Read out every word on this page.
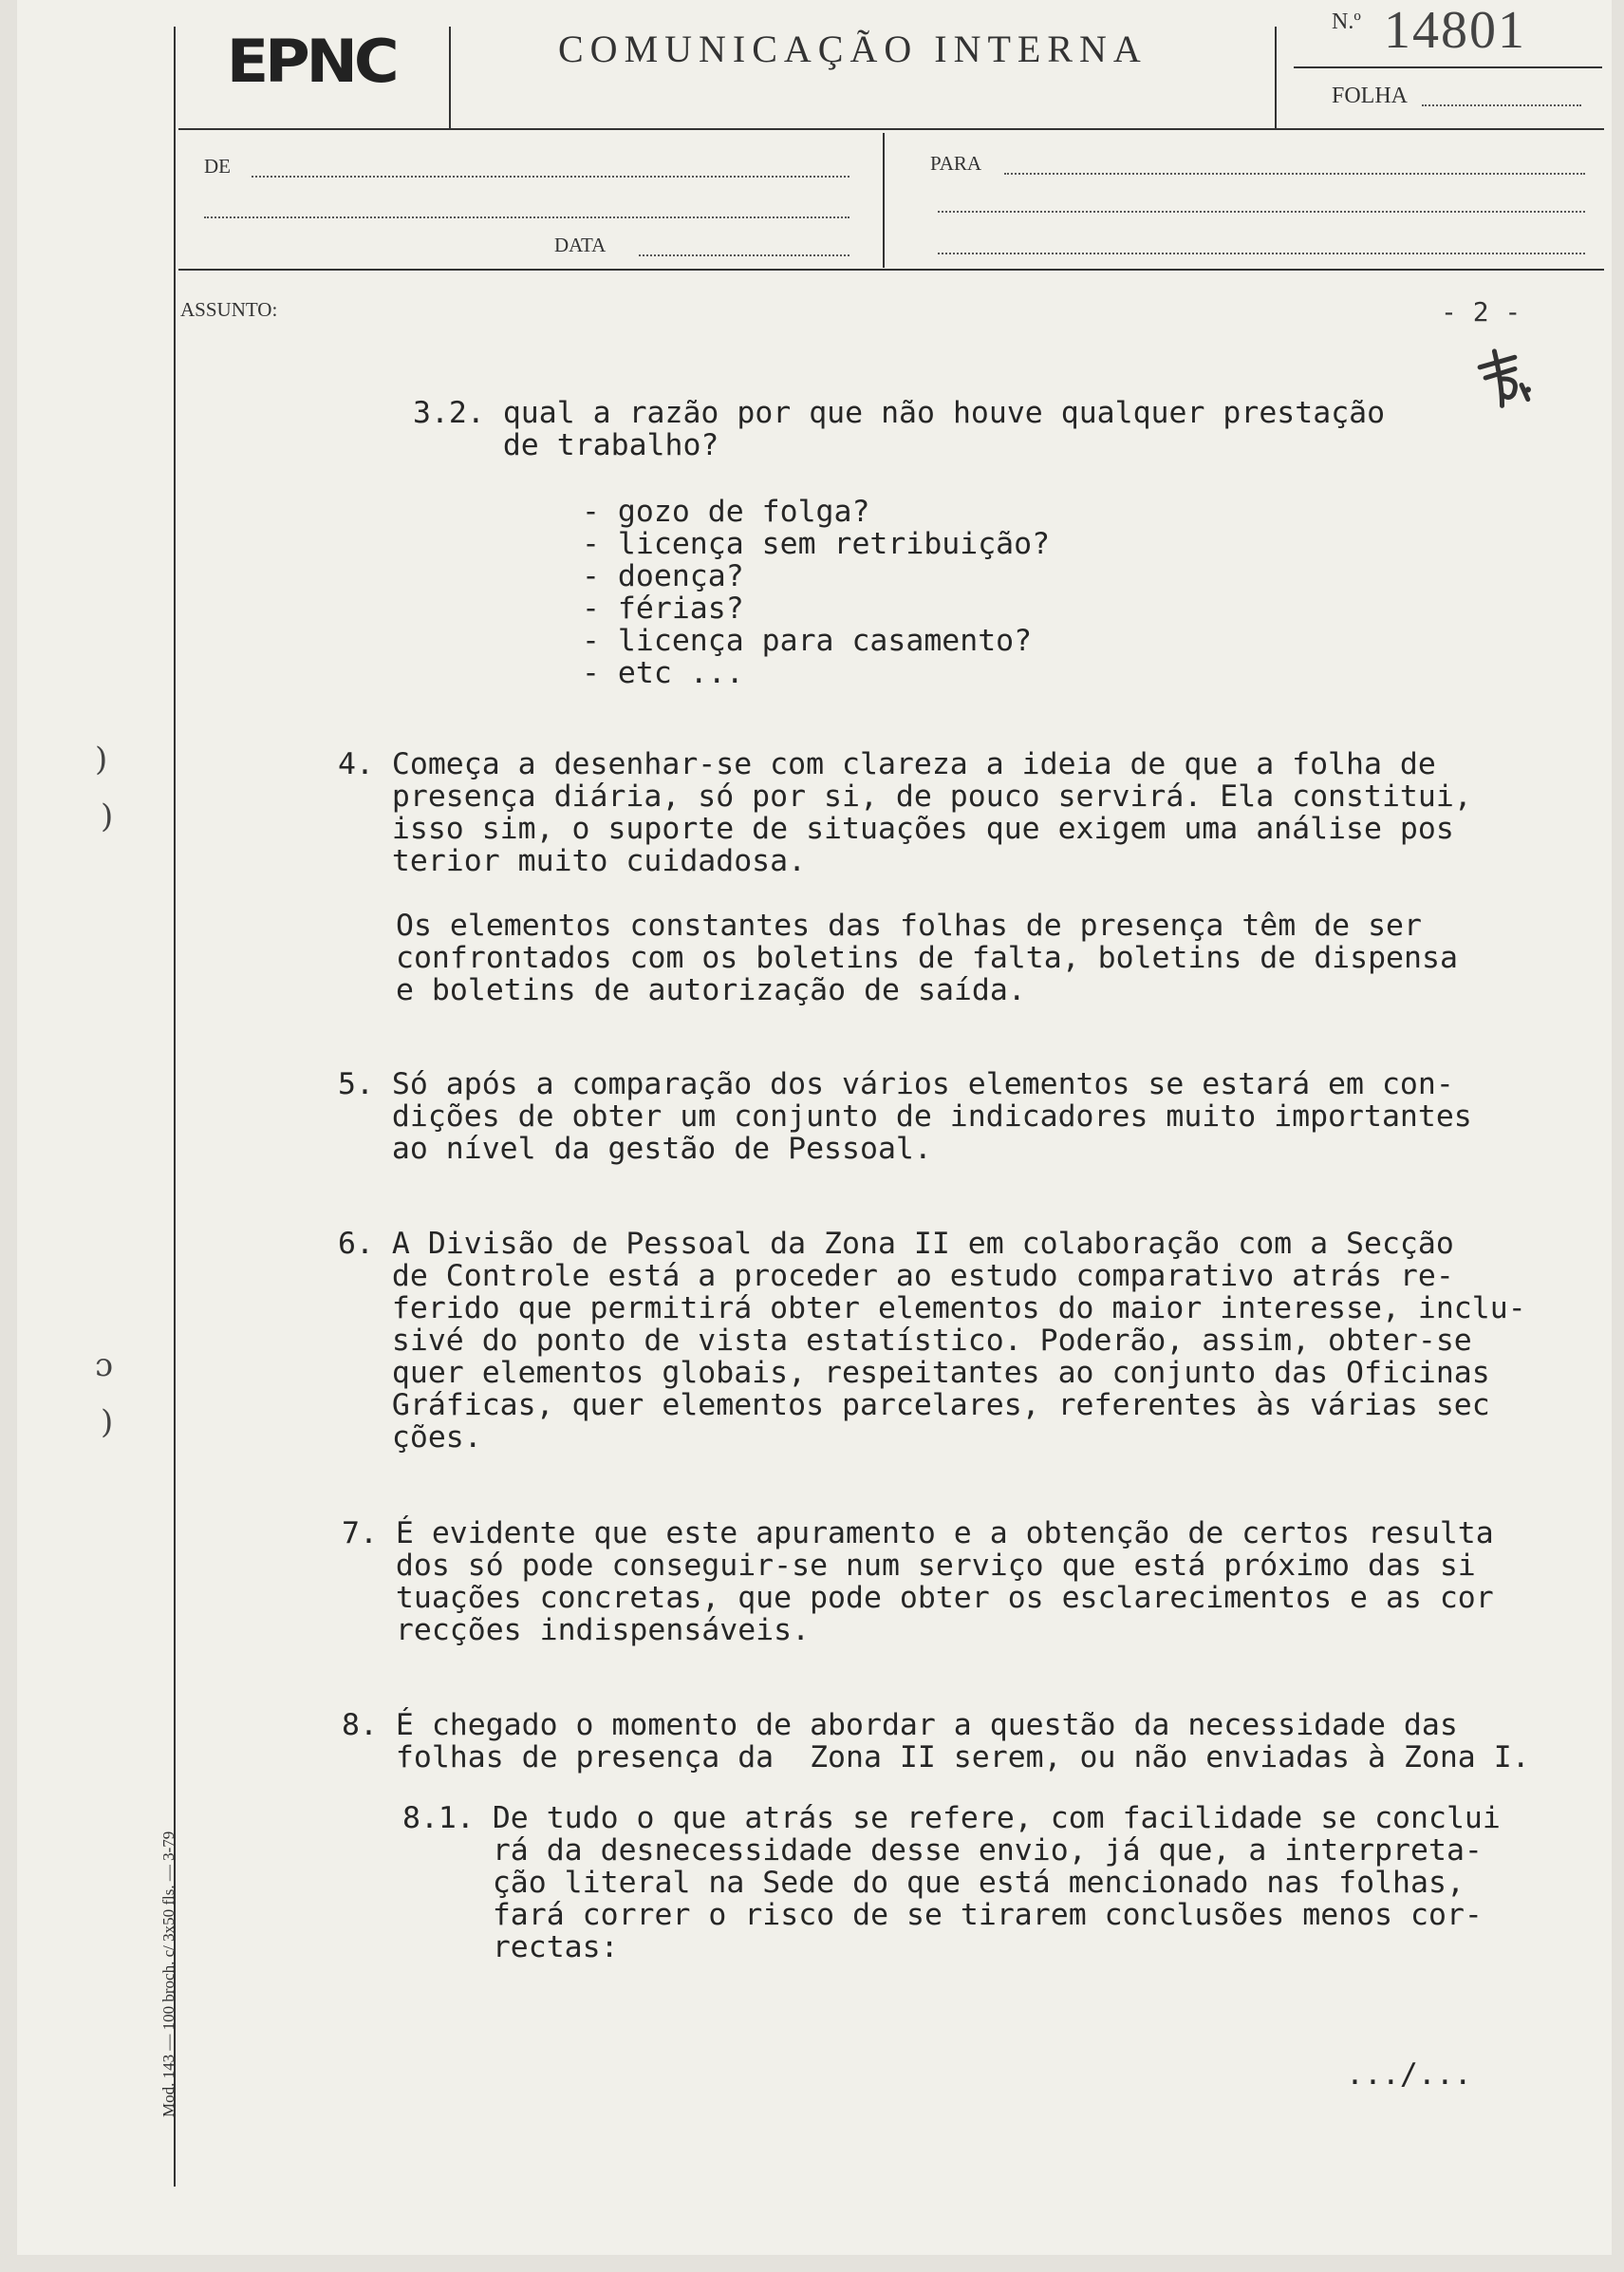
EPNC	COMUNICAÇÃO INTERNA
N.º 14801
FOLHA
DE
DATA
PARA
ASSUNTO:	- 2 -
3.2. qual a razão por que não houve qualquer prestação
de trabalho?
- gozo de folga?
- licença sem retribuição?
- doença?
- férias?
- licença para casamento?
- etc ...
4. Começa a desenhar-se com clareza a ideia de que a folha de
presença diária, só por si, de pouco servirá. Ela constitui,
isso sim, o suporte de situações que exigem uma análise pos
terior muito cuidadosa.
Os elementos constantes das folhas de presença têm de ser
confrontados com os boletins de falta, boletins de dispensa
e boletins de autorização de saída.
5. Só após a comparação dos vários elementos se estará em con-
dições de obter um conjunto de indicadores muito importantes
ao nível da gestão de Pessoal.
6. A Divisão de Pessoal da Zona II em colaboração com a Secção
de Controle está a proceder ao estudo comparativo atrás re-
ferido que permitirá obter elementos do maior interesse, inclu-
sivé do ponto de vista estatístico. Poderão, assim, obter-se
quer elementos globais, respeitantes ao conjunto das Oficinas
Gráficas, quer elementos parcelares, referentes às várias sec
ções.
7. É evidente que este apuramento e a obtenção de certos resulta
dos só pode conseguir-se num serviço que está próximo das si
tuações concretas, que pode obter os esclarecimentos e as cor
recções indispensáveis.
8. É chegado o momento de abordar a questão da necessidade das
folhas de presença da  Zona II serem, ou não enviadas à Zona I.
8.1. De tudo o que atrás se refere, com facilidade se conclui
rá da desnecessidade desse envio, já que, a interpreta-
ção literal na Sede do que está mencionado nas folhas,
fará correr o risco de se tirarem conclusões menos cor-
rectas:
.../...
)
)
ɔ
)
Mod. 143 — 100 broch. c/ 3x50 fls. — 3-79
